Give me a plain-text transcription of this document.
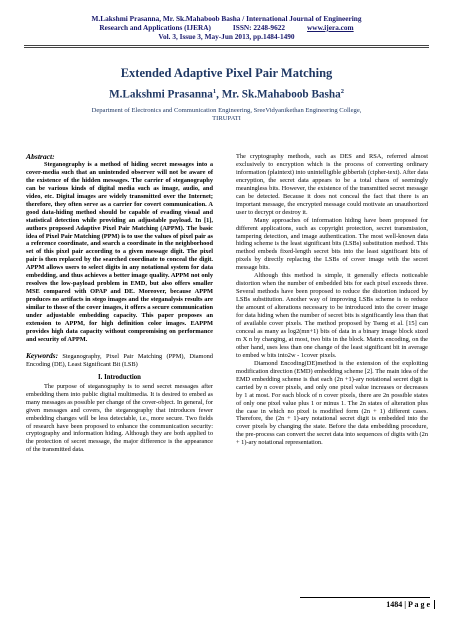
M.Lakshmi Prasanna, Mr. Sk.Mahaboob Basha / International Journal of Engineering
Research and Applications (IJERA)	ISSN: 2248-9622	www.ijera.com
Vol. 3, Issue 3, May-Jun 2013, pp.1484-1490
Extended Adaptive Pixel Pair Matching
M.Lakshmi Prasanna$^1$, Mr. Sk.Mahaboob Basha$^2$
Department of Electronics and Communication Engineering, SreeVidyanikethan Engineering College,
TIRUPATI
Abstract:

Steganography is a method of hiding secret messages into a cover-media such that an unintended observer will not be aware of the existence of the hidden messages. The carrier of steganography can be various kinds of digital media such as image, audio, and video, etc. Digital images are widely transmitted over the Internet; therefore, they often serve as a carrier for covert communication. A good data-hiding method should be capable of evading visual and statistical detection while providing an adjustable payload. In [1], authors proposed Adaptive Pixel Pair Matching (APPM). The basic idea of Pixel Pair Matching (PPM) is to use the values of pixel pair as a reference coordinate, and search a coordinate in the neighborhood set of this pixel pair according to a given message digit. The pixel pair is then replaced by the searched coordinate to conceal the digit. APPM allows users to select digits in any notational system for data embedding, and thus achieves a better image quality. APPM not only resolves the low-payload problem in EMD, but also offers smaller MSE compared with OPAP and DE. Moreover, because APPM produces no artifacts in stego images and the steganalysis results are similar to those of the cover images, it offers a secure communication under adjustable embedding capacity. This paper proposes an extension to APPM, for high definition color images. EAPPM provides high data capacity without compromising on performance and security of APPM.

Keywords: Steganography, Pixel Pair Matching (PPM), Diamond Encoding (DE), Least Significant Bit (LSB)

I. Introduction

The purpose of steganography is to send secret messages after embedding them into public digital multimedia. It is desired to embed as many messages as possible per change of the cover-object. In general, for given messages and covers, the steganography that introduces fewer embedding changes will be less detectable, i.e., more secure. Two fields of research have been proposed to enhance the communication security: cryptography and information hiding. Although they are both applied to the protection of secret message, the major difference is the appearance of the transmitted data.

The cryptography methods, such as DES and RSA, referred almost exclusively to encryption which is the process of converting ordinary information (plaintext) into unintelligible gibberish (cipher-text). After data encryption, the secret data appears to be a total chaos of seemingly meaningless bits. However, the existence of the transmitted secret message can be detected. Because it does not conceal the fact that there is an important message, the encrypted message could motivate an unauthorized user to decrypt or destroy it.

Many approaches of information hiding have been proposed for different applications, such as copyright protection, secret transmission, tampering detection, and image authentication. The most well-known data hiding scheme is the least significant bits (LSBs) substitution method. This method embeds fixed-length secret bits into the least significant bits of pixels by directly replacing the LSBs of cover image with the secret message bits.

Although this method is simple, it generally effects noticeable distortion when the number of embedded bits for each pixel exceeds three. Several methods have been proposed to reduce the distortion induced by LSBs substitution. Another way of improving LSBs scheme is to reduce the amount of alterations necessary to be introduced into the cover image for data hiding when the number of secret bits is significantly less than that of available cover pixels. The method proposed by Tseng et al. [15] can conceal as many as log2(mn+1) bits of data in a binary image block sized m X n by changing, at most, two bits in the block. Matrix encoding, on the other hand, uses less than one change of the least significant bit in average to embed w bits into2w - 1cover pixels.

Diamond Encoding(DE)method is the extension of the exploiting modification direction (EMD) embedding scheme [2]. The main idea of the EMD embedding scheme is that each (2n +1)-ary notational secret digit is carried by n cover pixels, and only one pixel value increases or decreases by 1 at most. For each block of n cover pixels, there are 2n possible states of only one pixel value plus 1 or minus 1. The 2n states of alteration plus the case in which no pixel is modified form (2n + 1) different cases. Therefore, the (2n + 1)-ary notational secret digit is embedded into the cover pixels by changing the state. Before the data embedding procedure, the pre-process can convert the secret data into sequences of digits with (2n + 1)-ary notational representation.

1484 | P a g e
